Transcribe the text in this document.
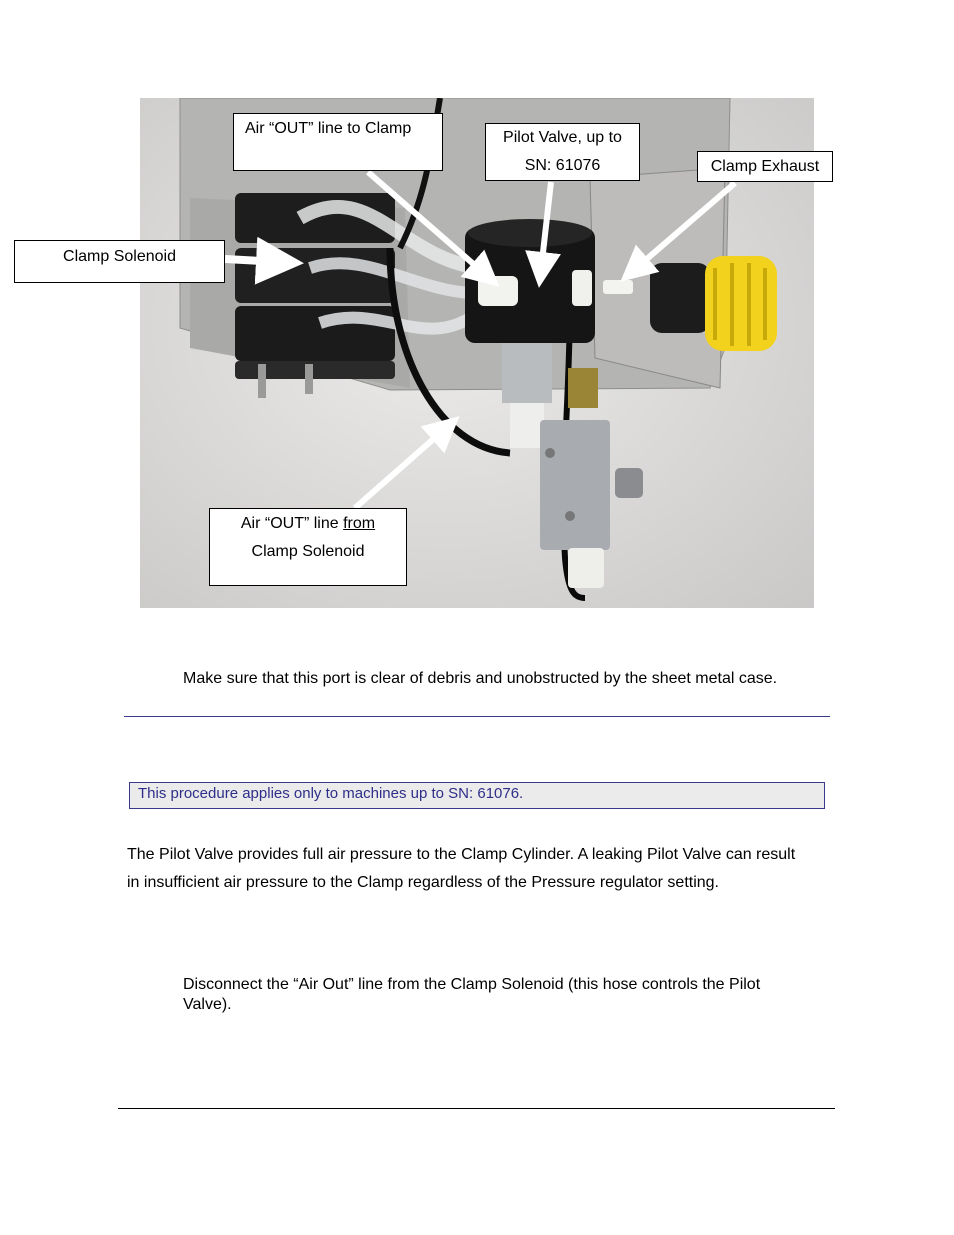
Air “OUT” line to Clamp
Pilot Valve, up to
SN: 61076	Clamp Exhaust
Clamp Solenoid
Air “OUT” line from
Clamp Solenoid

Make sure that this port is clear of debris and unobstructed by the sheet metal case.

This procedure applies only to machines up to SN: 61076.

The Pilot Valve provides full air pressure to the Clamp Cylinder. A leaking Pilot Valve can result

in insufficient air pressure to the Clamp regardless of the Pressure regulator setting.

Disconnect the “Air Out” line from the Clamp Solenoid (this hose controls the Pilot

Valve).
